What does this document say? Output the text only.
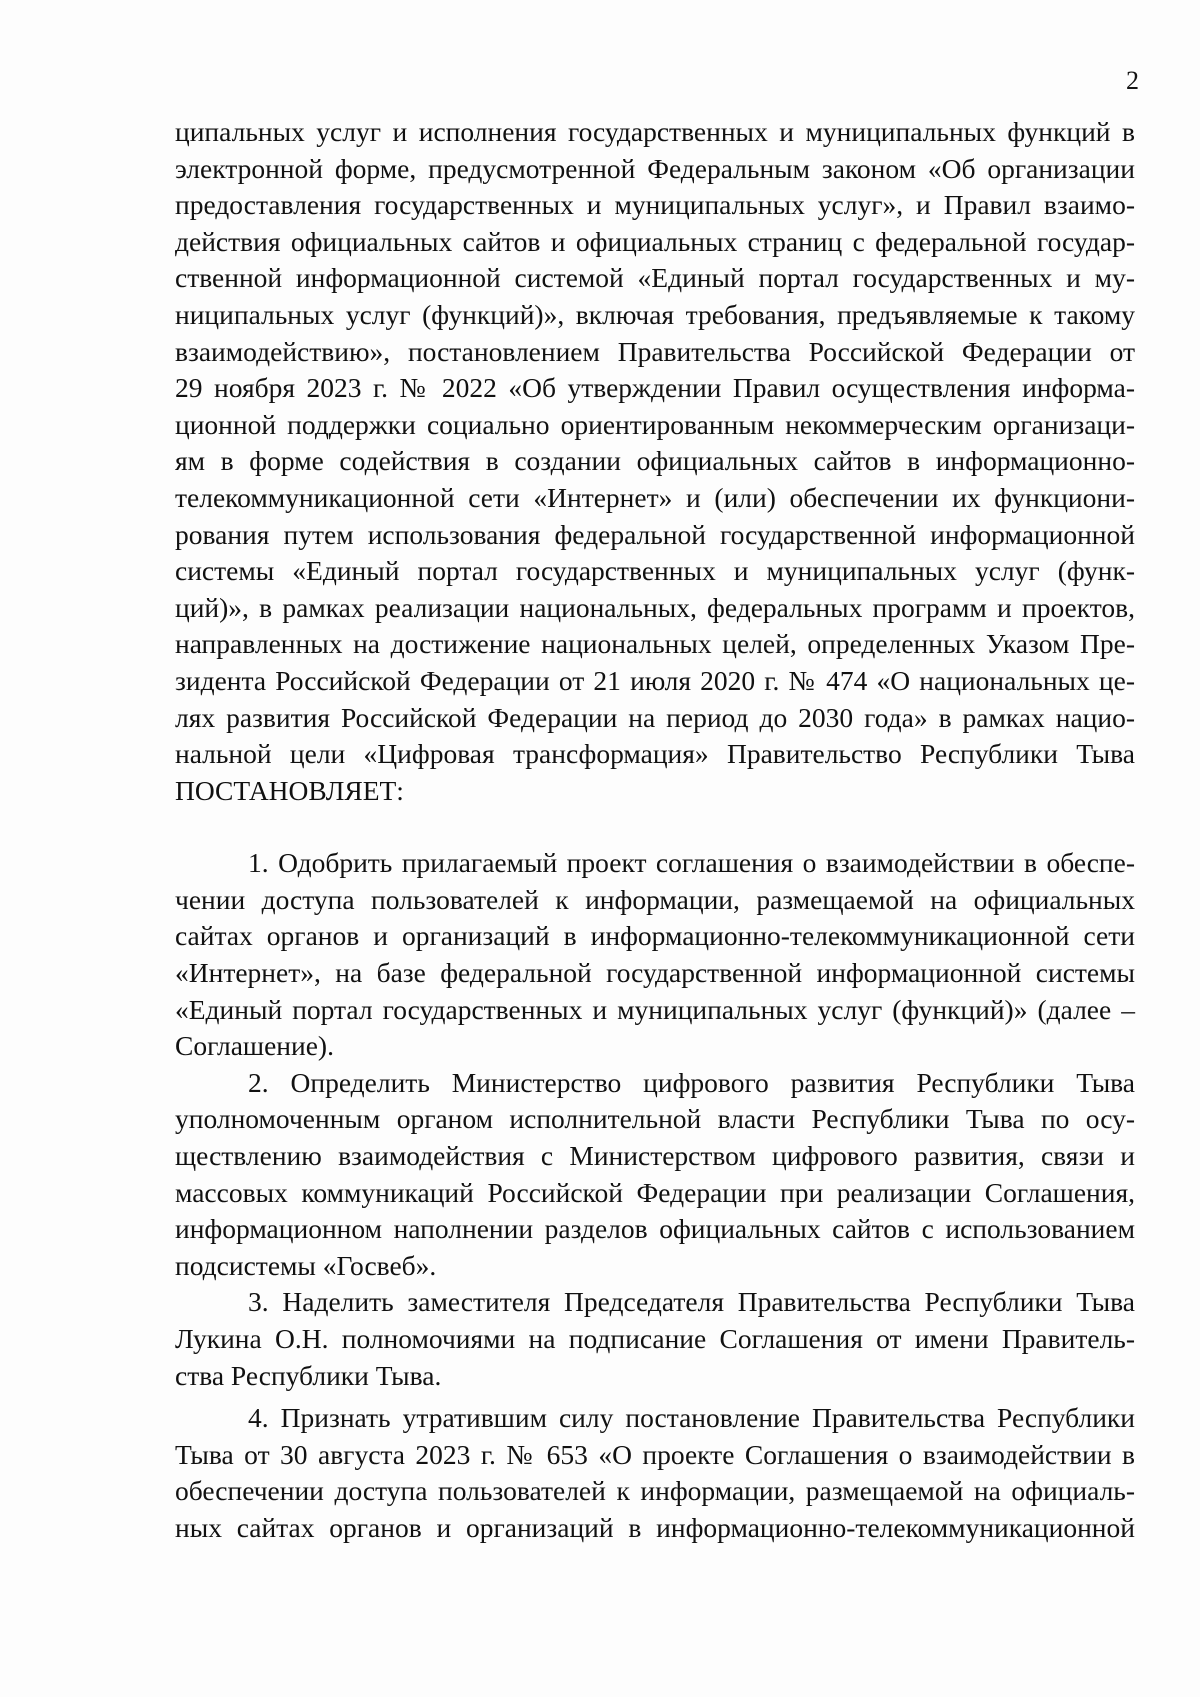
2
ципальных услуг и исполнения государственных и муниципальных функций в
электронной форме, предусмотренной Федеральным законом «Об организации
предоставления государственных и муниципальных услуг», и Правил взаимо-
действия официальных сайтов и официальных страниц с федеральной государ-
ственной информационной системой «Единый портал государственных и му-
ниципальных услуг (функций)», включая требования, предъявляемые к такому
взаимодействию», постановлением Правительства Российской Федерации от
29 ноября 2023 г. № 2022 «Об утверждении Правил осуществления информа-
ционной поддержки социально ориентированным некоммерческим организаци-
ям в форме содействия в создании официальных сайтов в информационно-
телекоммуникационной сети «Интернет» и (или) обеспечении их функциони-
рования путем использования федеральной государственной информационной
системы «Единый портал государственных и муниципальных услуг (функ-
ций)», в рамках реализации национальных, федеральных программ и проектов,
направленных на достижение национальных целей, определенных Указом Пре-
зидента Российской Федерации от 21 июля 2020 г. № 474 «О национальных це-
лях развития Российской Федерации на период до 2030 года» в рамках нацио-
нальной цели «Цифровая трансформация» Правительство Республики Тыва
ПОСТАНОВЛЯЕТ:
1. Одобрить прилагаемый проект соглашения о взаимодействии в обеспе-
чении доступа пользователей к информации, размещаемой на официальных
сайтах органов и организаций в информационно-телекоммуникационной сети
«Интернет», на базе федеральной государственной информационной системы
«Единый портал государственных и муниципальных услуг (функций)» (далее –
Соглашение).
2. Определить Министерство цифрового развития Республики Тыва
уполномоченным органом исполнительной власти Республики Тыва по осу-
ществлению взаимодействия с Министерством цифрового развития, связи и
массовых коммуникаций Российской Федерации при реализации Соглашения,
информационном наполнении разделов официальных сайтов с использованием
подсистемы «Госвеб».
3. Наделить заместителя Председателя Правительства Республики Тыва
Лукина О.Н. полномочиями на подписание Соглашения от имени Правитель-
ства Республики Тыва.
4. Признать утратившим силу постановление Правительства Республики
Тыва от 30 августа 2023 г. № 653 «О проекте Соглашения о взаимодействии в
обеспечении доступа пользователей к информации, размещаемой на официаль-
ных сайтах органов и организаций в информационно-телекоммуникационной
